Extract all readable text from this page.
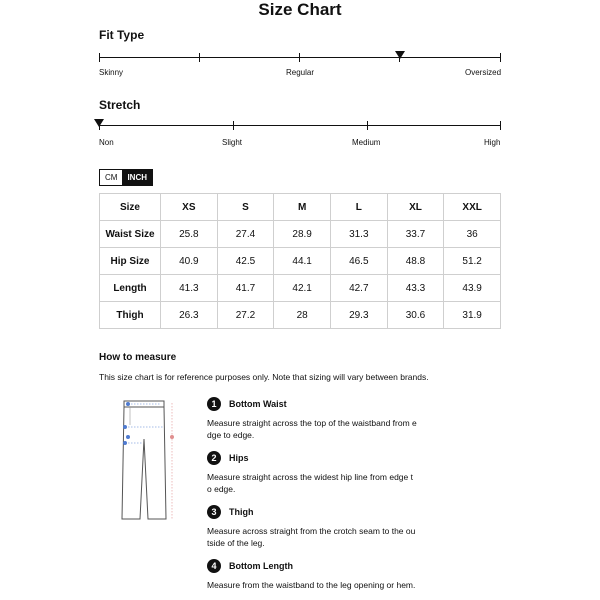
Size Chart
Fit Type
Skinny	Regular	Oversized
Stretch
Non	Slight	Medium	High
CM	INCH
Size	XS	S	M	L	XL	XXL
Waist Size	25.8	27.4	28.9	31.3	33.7	36
Hip Size	40.9	42.5	44.1	46.5	48.8	51.2
Length	41.3	41.7	42.1	42.7	43.3	43.9
Thigh	26.3	27.2	28	29.3	30.6	31.9
How to measure
This size chart is for reference purposes only. Note that sizing will vary between brands.
1	Bottom Waist
Measure straight across the top of the waistband from edge to edge.
2	Hips
Measure straight across the widest hip line from edge to edge.
3	Thigh
Measure across straight from the crotch seam to the outside of the leg.
4	Bottom Length
Measure from the waistband to the leg opening or hem.
